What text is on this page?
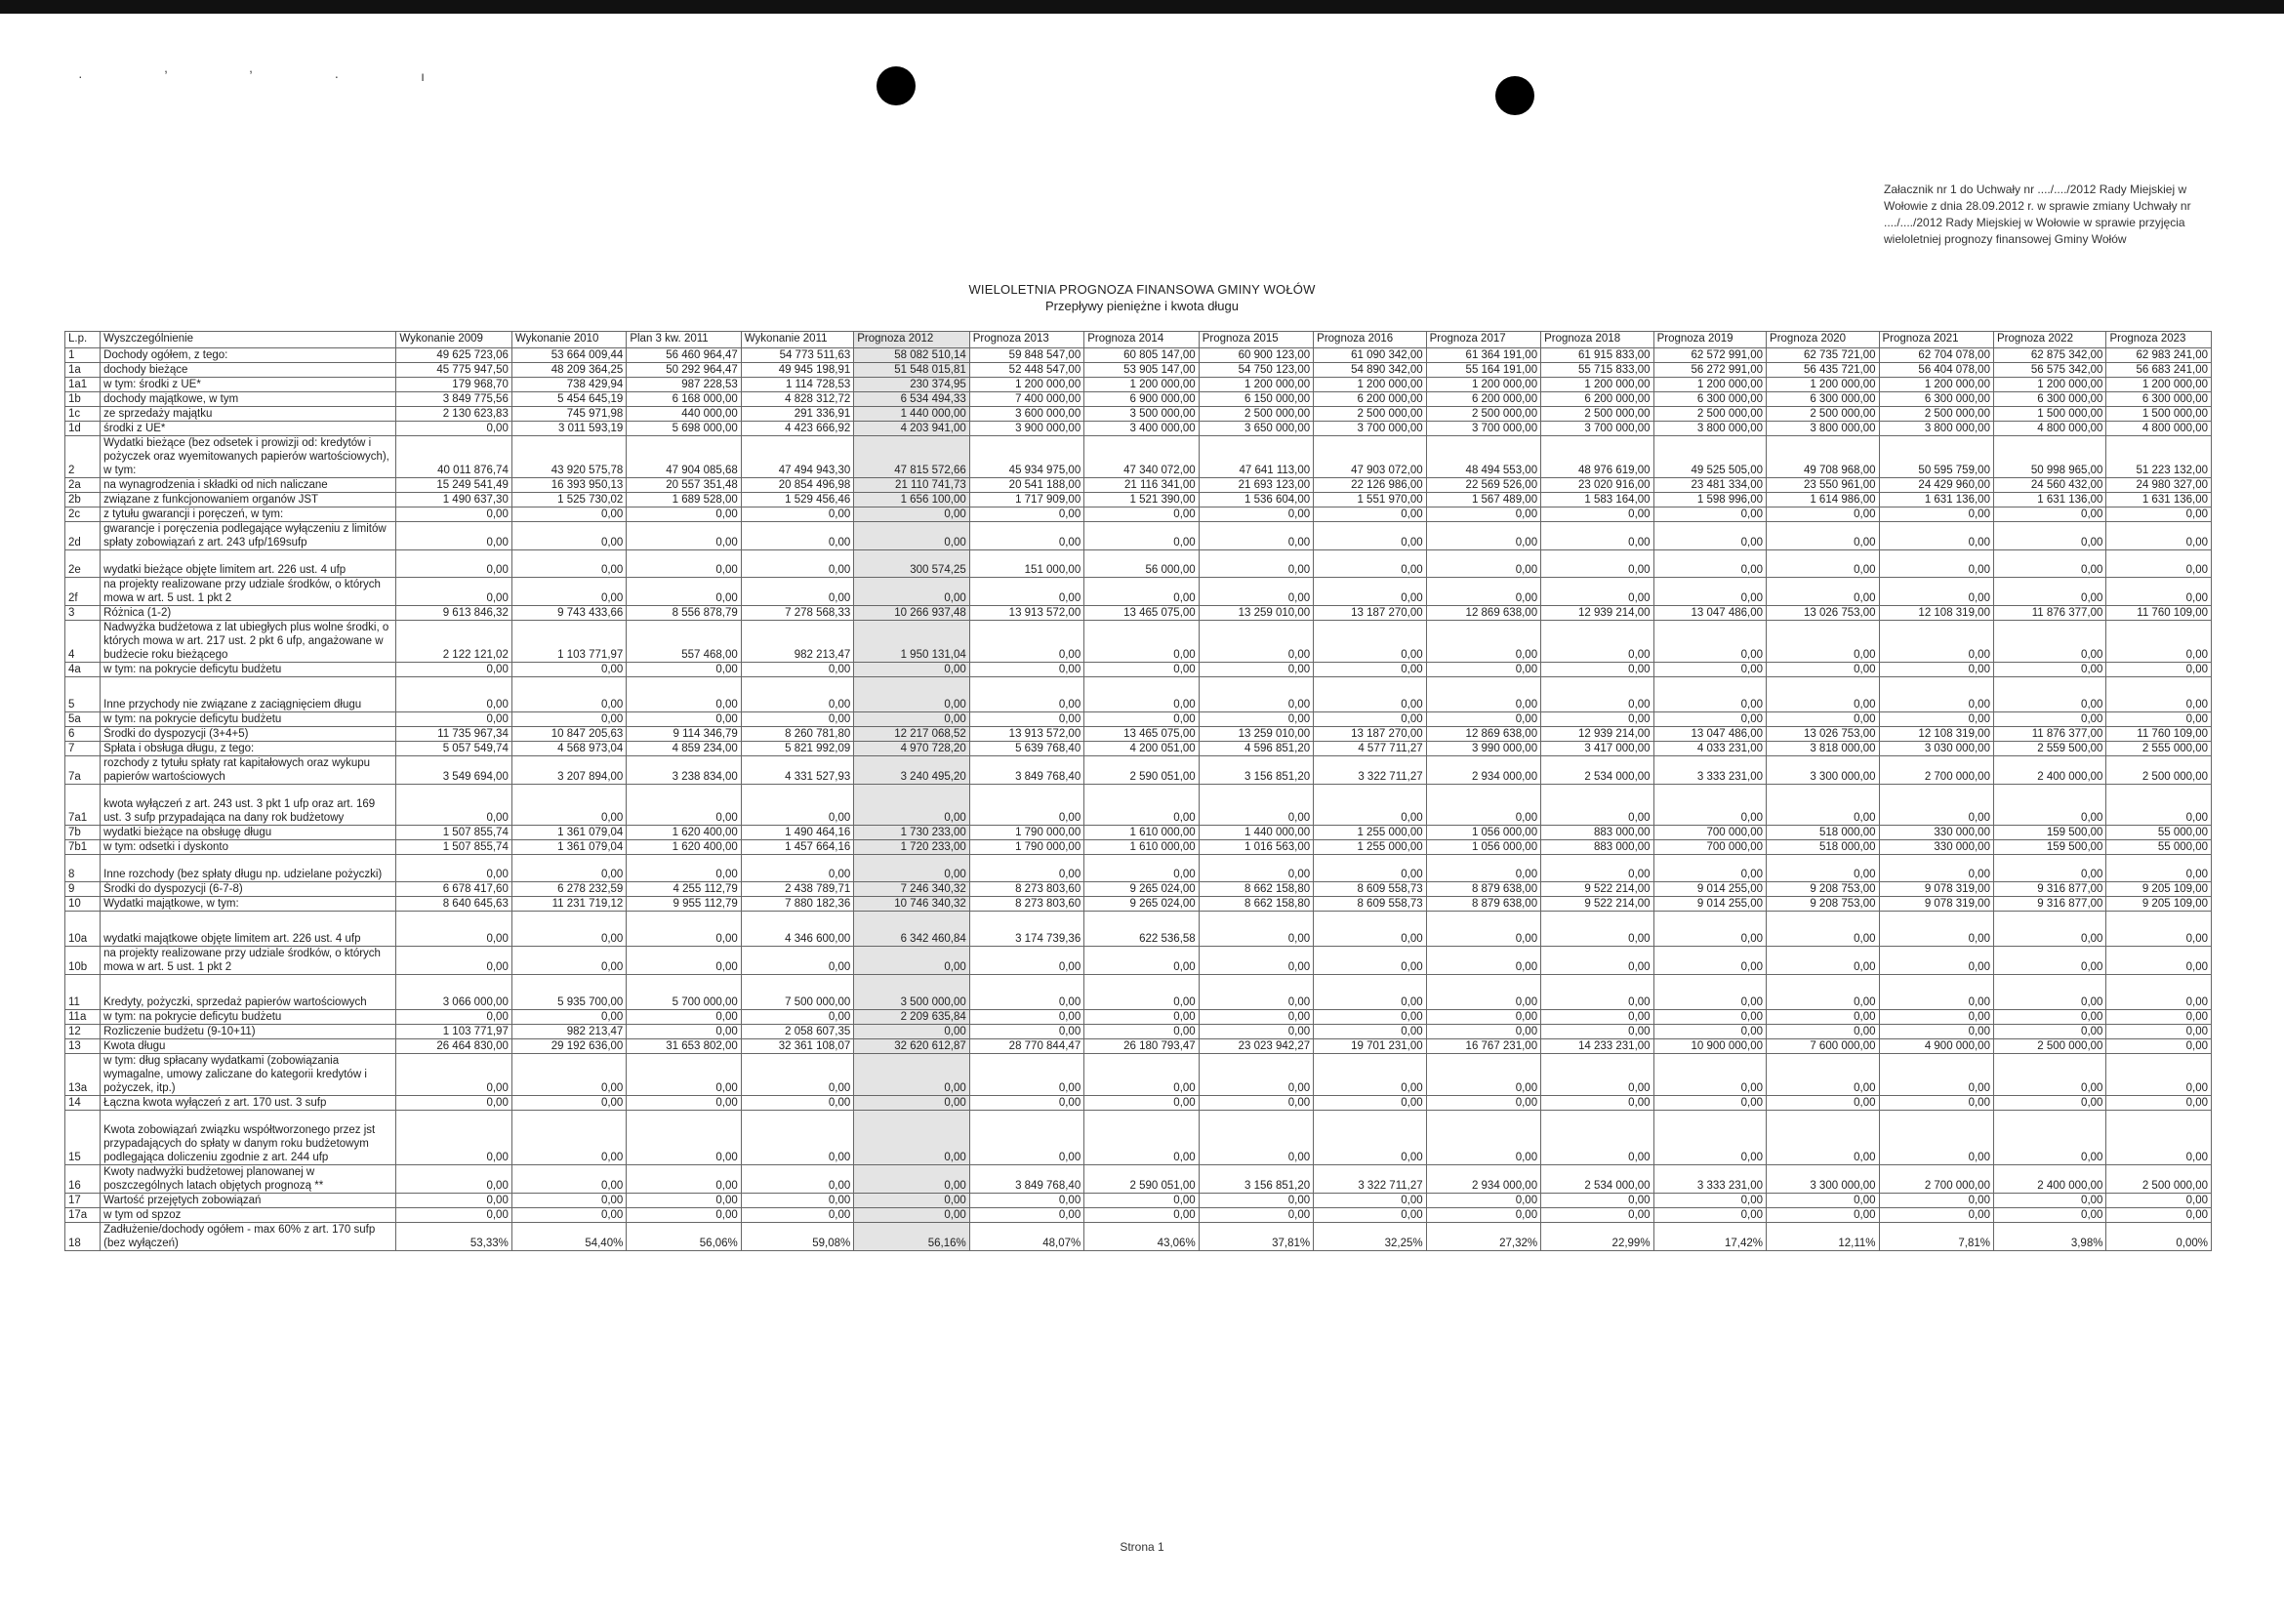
· ʼ ʼ · ı
Załacznik nr 1 do Uchwały nr ..../..../2012 Rady Miejskiej w Wołowie z dnia 28.09.2012 r. w sprawie zmiany Uchwały nr ..../..../2012 Rady Miejskiej w Wołowie w sprawie przyjęcia wieloletniej prognozy finansowej Gminy Wołów
WIELOLETNIA PROGNOZA FINANSOWA GMINY WOŁÓW
Przepływy pieniężne i kwota długu
L.p.	Wyszczególnienie	Wykonanie 2009	Wykonanie 2010	Plan 3 kw. 2011	Wykonanie 2011	Prognoza 2012	Prognoza 2013	Prognoza 2014	Prognoza 2015	Prognoza 2016	Prognoza 2017	Prognoza 2018	Prognoza 2019	Prognoza 2020	Prognoza 2021	Prognoza 2022	Prognoza 2023
1	Dochody ogółem, z tego:	49 625 723,06	53 664 009,44	56 460 964,47	54 773 511,63	58 082 510,14	59 848 547,00	60 805 147,00	60 900 123,00	61 090 342,00	61 364 191,00	61 915 833,00	62 572 991,00	62 735 721,00	62 704 078,00	62 875 342,00	62 983 241,00
1a	dochody bieżące	45 775 947,50	48 209 364,25	50 292 964,47	49 945 198,91	51 548 015,81	52 448 547,00	53 905 147,00	54 750 123,00	54 890 342,00	55 164 191,00	55 715 833,00	56 272 991,00	56 435 721,00	56 404 078,00	56 575 342,00	56 683 241,00
1a1	w tym: środki z UE*	179 968,70	738 429,94	987 228,53	1 114 728,53	230 374,95	1 200 000,00	1 200 000,00	1 200 000,00	1 200 000,00	1 200 000,00	1 200 000,00	1 200 000,00	1 200 000,00	1 200 000,00	1 200 000,00	1 200 000,00
1b	dochody majątkowe, w tym	3 849 775,56	5 454 645,19	6 168 000,00	4 828 312,72	6 534 494,33	7 400 000,00	6 900 000,00	6 150 000,00	6 200 000,00	6 200 000,00	6 200 000,00	6 300 000,00	6 300 000,00	6 300 000,00	6 300 000,00	6 300 000,00
1c	ze sprzedaży majątku	2 130 623,83	745 971,98	440 000,00	291 336,91	1 440 000,00	3 600 000,00	3 500 000,00	2 500 000,00	2 500 000,00	2 500 000,00	2 500 000,00	2 500 000,00	2 500 000,00	2 500 000,00	1 500 000,00	1 500 000,00
1d	środki z UE*	0,00	3 011 593,19	5 698 000,00	4 423 666,92	4 203 941,00	3 900 000,00	3 400 000,00	3 650 000,00	3 700 000,00	3 700 000,00	3 700 000,00	3 800 000,00	3 800 000,00	3 800 000,00	4 800 000,00	4 800 000,00
2	Wydatki bieżące (bez odsetek i prowizji od: kredytów i pożyczek oraz wyemitowanych papierów wartościowych), w tym:	40 011 876,74	43 920 575,78	47 904 085,68	47 494 943,30	47 815 572,66	45 934 975,00	47 340 072,00	47 641 113,00	47 903 072,00	48 494 553,00	48 976 619,00	49 525 505,00	49 708 968,00	50 595 759,00	50 998 965,00	51 223 132,00
2a	na wynagrodzenia i składki od nich naliczane	15 249 541,49	16 393 950,13	20 557 351,48	20 854 496,98	21 110 741,73	20 541 188,00	21 116 341,00	21 693 123,00	22 126 986,00	22 569 526,00	23 020 916,00	23 481 334,00	23 550 961,00	24 429 960,00	24 560 432,00	24 980 327,00
2b	związane z funkcjonowaniem organów JST	1 490 637,30	1 525 730,02	1 689 528,00	1 529 456,46	1 656 100,00	1 717 909,00	1 521 390,00	1 536 604,00	1 551 970,00	1 567 489,00	1 583 164,00	1 598 996,00	1 614 986,00	1 631 136,00	1 631 136,00	1 631 136,00
2c	z tytułu gwarancji i poręczeń, w tym:	0,00	0,00	0,00	0,00	0,00	0,00	0,00	0,00	0,00	0,00	0,00	0,00	0,00	0,00	0,00	0,00
2d	gwarancje i poręczenia podlegające wyłączeniu z limitów spłaty zobowiązań z art. 243 ufp/169sufp	0,00	0,00	0,00	0,00	0,00	0,00	0,00	0,00	0,00	0,00	0,00	0,00	0,00	0,00	0,00	0,00
2e	wydatki bieżące objęte limitem art. 226 ust. 4 ufp	0,00	0,00	0,00	0,00	300 574,25	151 000,00	56 000,00	0,00	0,00	0,00	0,00	0,00	0,00	0,00	0,00	0,00
2f	na projekty realizowane przy udziale środków, o których mowa w art. 5 ust. 1 pkt 2	0,00	0,00	0,00	0,00	0,00	0,00	0,00	0,00	0,00	0,00	0,00	0,00	0,00	0,00	0,00	0,00
3	Różnica (1-2)	9 613 846,32	9 743 433,66	8 556 878,79	7 278 568,33	10 266 937,48	13 913 572,00	13 465 075,00	13 259 010,00	13 187 270,00	12 869 638,00	12 939 214,00	13 047 486,00	13 026 753,00	12 108 319,00	11 876 377,00	11 760 109,00
4	Nadwyżka budżetowa z lat ubiegłych plus wolne środki, o których mowa w art. 217 ust. 2 pkt 6 ufp, angażowane w budżecie roku bieżącego	2 122 121,02	1 103 771,97	557 468,00	982 213,47	1 950 131,04	0,00	0,00	0,00	0,00	0,00	0,00	0,00	0,00	0,00	0,00	0,00
4a	w tym: na pokrycie deficytu budżetu	0,00	0,00	0,00	0,00	0,00	0,00	0,00	0,00	0,00	0,00	0,00	0,00	0,00	0,00	0,00	0,00
5	Inne przychody nie związane z zaciągnięciem długu	0,00	0,00	0,00	0,00	0,00	0,00	0,00	0,00	0,00	0,00	0,00	0,00	0,00	0,00	0,00	0,00
5a	w tym: na pokrycie deficytu budżetu	0,00	0,00	0,00	0,00	0,00	0,00	0,00	0,00	0,00	0,00	0,00	0,00	0,00	0,00	0,00	0,00
6	Środki do dyspozycji (3+4+5)	11 735 967,34	10 847 205,63	9 114 346,79	8 260 781,80	12 217 068,52	13 913 572,00	13 465 075,00	13 259 010,00	13 187 270,00	12 869 638,00	12 939 214,00	13 047 486,00	13 026 753,00	12 108 319,00	11 876 377,00	11 760 109,00
7	Spłata i obsługa długu, z tego:	5 057 549,74	4 568 973,04	4 859 234,00	5 821 992,09	4 970 728,20	5 639 768,40	4 200 051,00	4 596 851,20	4 577 711,27	3 990 000,00	3 417 000,00	4 033 231,00	3 818 000,00	3 030 000,00	2 559 500,00	2 555 000,00
7a	rozchody z tytułu spłaty rat kapitałowych oraz wykupu papierów wartościowych	3 549 694,00	3 207 894,00	3 238 834,00	4 331 527,93	3 240 495,20	3 849 768,40	2 590 051,00	3 156 851,20	3 322 711,27	2 934 000,00	2 534 000,00	3 333 231,00	3 300 000,00	2 700 000,00	2 400 000,00	2 500 000,00
7a1	kwota wyłączeń z art. 243 ust. 3 pkt 1 ufp oraz art. 169 ust. 3 sufp przypadająca na dany rok budżetowy	0,00	0,00	0,00	0,00	0,00	0,00	0,00	0,00	0,00	0,00	0,00	0,00	0,00	0,00	0,00	0,00
7b	wydatki bieżące na obsługę długu	1 507 855,74	1 361 079,04	1 620 400,00	1 490 464,16	1 730 233,00	1 790 000,00	1 610 000,00	1 440 000,00	1 255 000,00	1 056 000,00	883 000,00	700 000,00	518 000,00	330 000,00	159 500,00	55 000,00
7b1	w tym: odsetki i dyskonto	1 507 855,74	1 361 079,04	1 620 400,00	1 457 664,16	1 720 233,00	1 790 000,00	1 610 000,00	1 016 563,00	1 255 000,00	1 056 000,00	883 000,00	700 000,00	518 000,00	330 000,00	159 500,00	55 000,00
8	Inne rozchody (bez spłaty długu np. udzielane pożyczki)	0,00	0,00	0,00	0,00	0,00	0,00	0,00	0,00	0,00	0,00	0,00	0,00	0,00	0,00	0,00	0,00
9	Środki do dyspozycji (6-7-8)	6 678 417,60	6 278 232,59	4 255 112,79	2 438 789,71	7 246 340,32	8 273 803,60	9 265 024,00	8 662 158,80	8 609 558,73	8 879 638,00	9 522 214,00	9 014 255,00	9 208 753,00	9 078 319,00	9 316 877,00	9 205 109,00
10	Wydatki majątkowe, w tym:	8 640 645,63	11 231 719,12	9 955 112,79	7 880 182,36	10 746 340,32	8 273 803,60	9 265 024,00	8 662 158,80	8 609 558,73	8 879 638,00	9 522 214,00	9 014 255,00	9 208 753,00	9 078 319,00	9 316 877,00	9 205 109,00
10a	wydatki majątkowe objęte limitem art. 226 ust. 4 ufp	0,00	0,00	0,00	4 346 600,00	6 342 460,84	3 174 739,36	622 536,58	0,00	0,00	0,00	0,00	0,00	0,00	0,00	0,00	0,00
10b	na projekty realizowane przy udziale środków, o których mowa w art. 5 ust. 1 pkt 2	0,00	0,00	0,00	0,00	0,00	0,00	0,00	0,00	0,00	0,00	0,00	0,00	0,00	0,00	0,00	0,00
11	Kredyty, pożyczki, sprzedaż papierów wartościowych	3 066 000,00	5 935 700,00	5 700 000,00	7 500 000,00	3 500 000,00	0,00	0,00	0,00	0,00	0,00	0,00	0,00	0,00	0,00	0,00	0,00
11a	w tym: na pokrycie deficytu budżetu	0,00	0,00	0,00	0,00	2 209 635,84	0,00	0,00	0,00	0,00	0,00	0,00	0,00	0,00	0,00	0,00	0,00
12	Rozliczenie budżetu (9-10+11)	1 103 771,97	982 213,47	0,00	2 058 607,35	0,00	0,00	0,00	0,00	0,00	0,00	0,00	0,00	0,00	0,00	0,00	0,00
13	Kwota długu	26 464 830,00	29 192 636,00	31 653 802,00	32 361 108,07	32 620 612,87	28 770 844,47	26 180 793,47	23 023 942,27	19 701 231,00	16 767 231,00	14 233 231,00	10 900 000,00	7 600 000,00	4 900 000,00	2 500 000,00	0,00
13a	w tym: dług spłacany wydatkami (zobowiązania wymagalne, umowy zaliczane do kategorii kredytów i pożyczek, itp.)	0,00	0,00	0,00	0,00	0,00	0,00	0,00	0,00	0,00	0,00	0,00	0,00	0,00	0,00	0,00	0,00
14	Łączna kwota wyłączeń z art. 170 ust. 3 sufp	0,00	0,00	0,00	0,00	0,00	0,00	0,00	0,00	0,00	0,00	0,00	0,00	0,00	0,00	0,00	0,00
15	Kwota zobowiązań związku współtworzonego przez jst przypadających do spłaty w danym roku budżetowym podlegająca doliczeniu zgodnie z art. 244 ufp	0,00	0,00	0,00	0,00	0,00	0,00	0,00	0,00	0,00	0,00	0,00	0,00	0,00	0,00	0,00	0,00
16	Kwoty nadwyżki budżetowej planowanej w poszczególnych latach objętych prognozą **	0,00	0,00	0,00	0,00	0,00	3 849 768,40	2 590 051,00	3 156 851,20	3 322 711,27	2 934 000,00	2 534 000,00	3 333 231,00	3 300 000,00	2 700 000,00	2 400 000,00	2 500 000,00
17	Wartość przejętych zobowiązań	0,00	0,00	0,00	0,00	0,00	0,00	0,00	0,00	0,00	0,00	0,00	0,00	0,00	0,00	0,00	0,00
17a	w tym od spzoz	0,00	0,00	0,00	0,00	0,00	0,00	0,00	0,00	0,00	0,00	0,00	0,00	0,00	0,00	0,00	0,00
18	Zadłużenie/dochody ogółem - max 60% z art. 170 sufp (bez wyłączeń)	53,33%	54,40%	56,06%	59,08%	56,16%	48,07%	43,06%	37,81%	32,25%	27,32%	22,99%	17,42%	12,11%	7,81%	3,98%	0,00%
Strona 1
